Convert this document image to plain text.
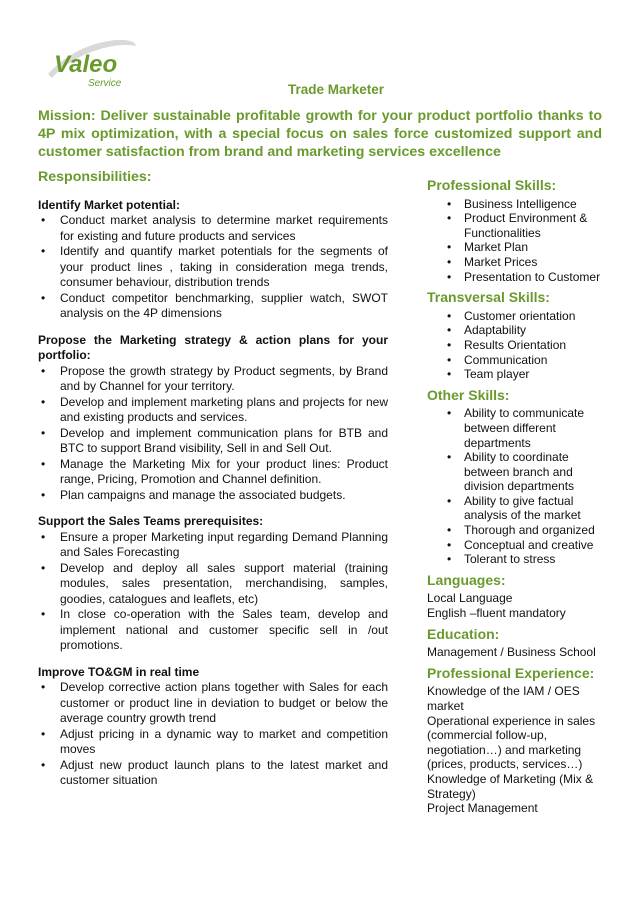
Valeo
Service	Trade Marketer
Mission: Deliver sustainable profitable growth for your product portfolio thanks to 4P mix optimization, with a special focus on sales force customized support and customer satisfaction from brand and marketing services excellence
Responsibilities:
Identify Market potential:
• Conduct market analysis to determine market requirements for existing and future products and services
• Identify and quantify market potentials for the segments of your product lines , taking in consideration mega trends, consumer behaviour, distribution trends
• Conduct competitor benchmarking, supplier watch, SWOT analysis on the 4P dimensions
Propose the Marketing strategy & action plans for your portfolio:
• Propose the growth strategy by Product segments, by Brand and by Channel for your territory.
• Develop and implement marketing plans and projects for new and existing products and services.
• Develop and implement communication plans for BTB and BTC to support Brand visibility, Sell in and Sell Out.
• Manage the Marketing Mix for your product lines: Product range, Pricing, Promotion and Channel definition.
• Plan campaigns and manage the associated budgets.
Support the Sales Teams prerequisites:
• Ensure a proper Marketing input regarding Demand Planning and Sales Forecasting
• Develop and deploy all sales support material (training modules, sales presentation, merchandising, samples, goodies, catalogues and leaflets, etc)
• In close co-operation with the Sales team, develop and implement national and customer specific sell in /out promotions.
Improve TO&GM in real time
• Develop corrective action plans together with Sales for each customer or product line in deviation to budget or below the average country growth trend
• Adjust pricing in a dynamic way to market and competition moves
• Adjust new product launch plans to the latest market and customer situation
Professional Skills:
• Business Intelligence
• Product Environment & Functionalities
• Market Plan
• Market Prices
• Presentation to Customer
Transversal Skills:
• Customer orientation
• Adaptability
• Results Orientation
• Communication
• Team player
Other Skills:
• Ability to communicate between different departments
• Ability to coordinate between branch and division departments
• Ability to give factual analysis of the market
• Thorough and organized
• Conceptual and creative
• Tolerant to stress
Languages:
Local Language
English –fluent mandatory
Education:
Management / Business School
Professional Experience:
Knowledge of the IAM / OES market
Operational experience in sales (commercial follow-up, negotiation…) and marketing (prices, products, services…)
Knowledge of Marketing (Mix & Strategy)
Project Management
